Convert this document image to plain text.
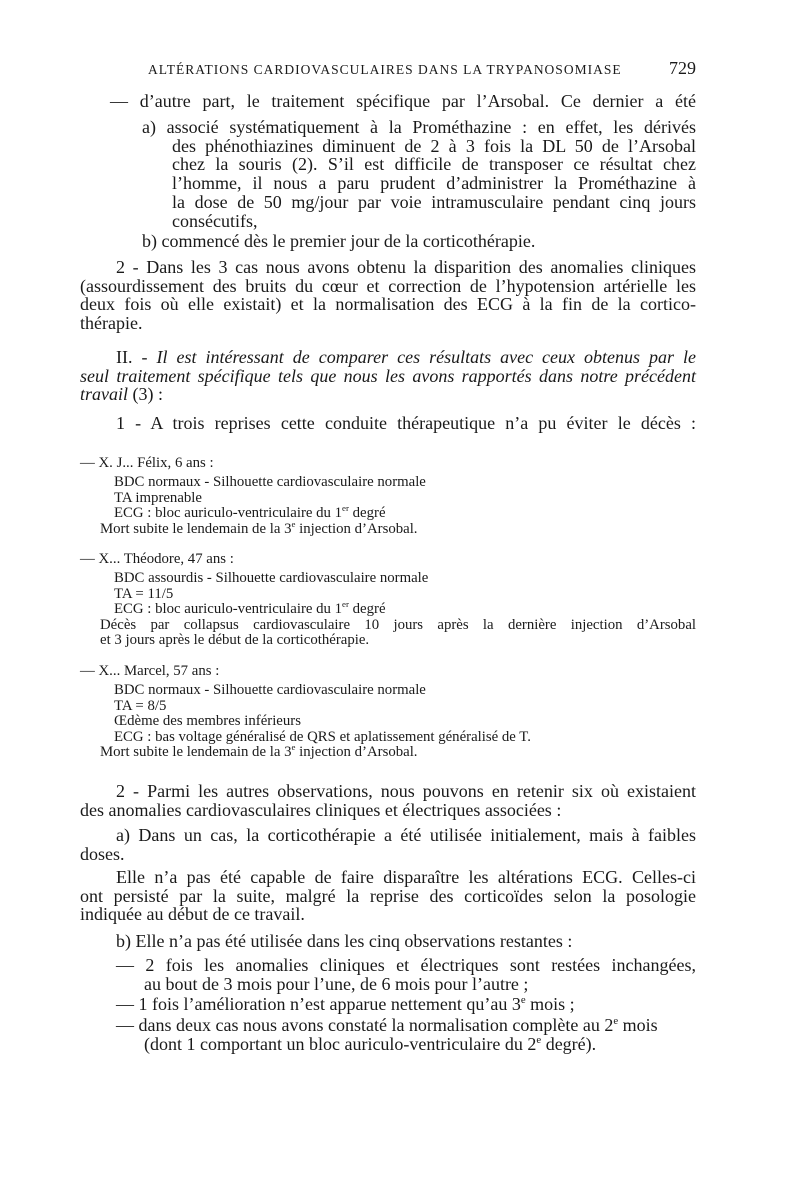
ALTÉRATIONS CARDIOVASCULAIRES DANS LA TRYPANOSOMIASE	729
— d’autre part, le traitement spécifique par l’Arsobal. Ce dernier a été
a) associé systématiquement à la Prométhazine : en effet, les dérivés
des phénothiazines diminuent de 2 à 3 fois la DL 50 de l’Arsobal
chez la souris (2). S’il est difficile de transposer ce résultat chez
l’homme, il nous a paru prudent d’administrer la Prométhazine à
la dose de 50 mg/jour par voie intramusculaire pendant cinq jours
consécutifs,
b) commencé dès le premier jour de la corticothérapie.
2 - Dans les 3 cas nous avons obtenu la disparition des anomalies cliniques
(assourdissement des bruits du cœur et correction de l’hypotension artérielle les
deux fois où elle existait) et la normalisation des ECG à la fin de la cortico-
thérapie.
II. - Il est intéressant de comparer ces résultats avec ceux obtenus par le
seul traitement spécifique tels que nous les avons rapportés dans notre précédent
travail (3) :
1 - A trois reprises cette conduite thérapeutique n’a pu éviter le décès :
— X. J... Félix, 6 ans :
BDC normaux - Silhouette cardiovasculaire normale
TA imprenable
ECG : bloc auriculo-ventriculaire du 1er degré
Mort subite le lendemain de la 3e injection d’Arsobal.
— X... Théodore, 47 ans :
BDC assourdis - Silhouette cardiovasculaire normale
TA = 11/5
ECG : bloc auriculo-ventriculaire du 1er degré
Décès par collapsus cardiovasculaire 10 jours après la dernière injection d’Arsobal
et 3 jours après le début de la corticothérapie.
— X... Marcel, 57 ans :
BDC normaux - Silhouette cardiovasculaire normale
TA = 8/5
Œdème des membres inférieurs
ECG : bas voltage généralisé de QRS et aplatissement généralisé de T.
Mort subite le lendemain de la 3e injection d’Arsobal.
2 - Parmi les autres observations, nous pouvons en retenir six où existaient
des anomalies cardiovasculaires cliniques et électriques associées :
a) Dans un cas, la corticothérapie a été utilisée initialement, mais à faibles
doses.
Elle n’a pas été capable de faire disparaître les altérations ECG. Celles-ci
ont persisté par la suite, malgré la reprise des corticoïdes selon la posologie
indiquée au début de ce travail.
b) Elle n’a pas été utilisée dans les cinq observations restantes :
— 2 fois les anomalies cliniques et électriques sont restées inchangées,
au bout de 3 mois pour l’une, de 6 mois pour l’autre ;
— 1 fois l’amélioration n’est apparue nettement qu’au 3e mois ;
— dans deux cas nous avons constaté la normalisation complète au 2e mois
(dont 1 comportant un bloc auriculo-ventriculaire du 2e degré).
